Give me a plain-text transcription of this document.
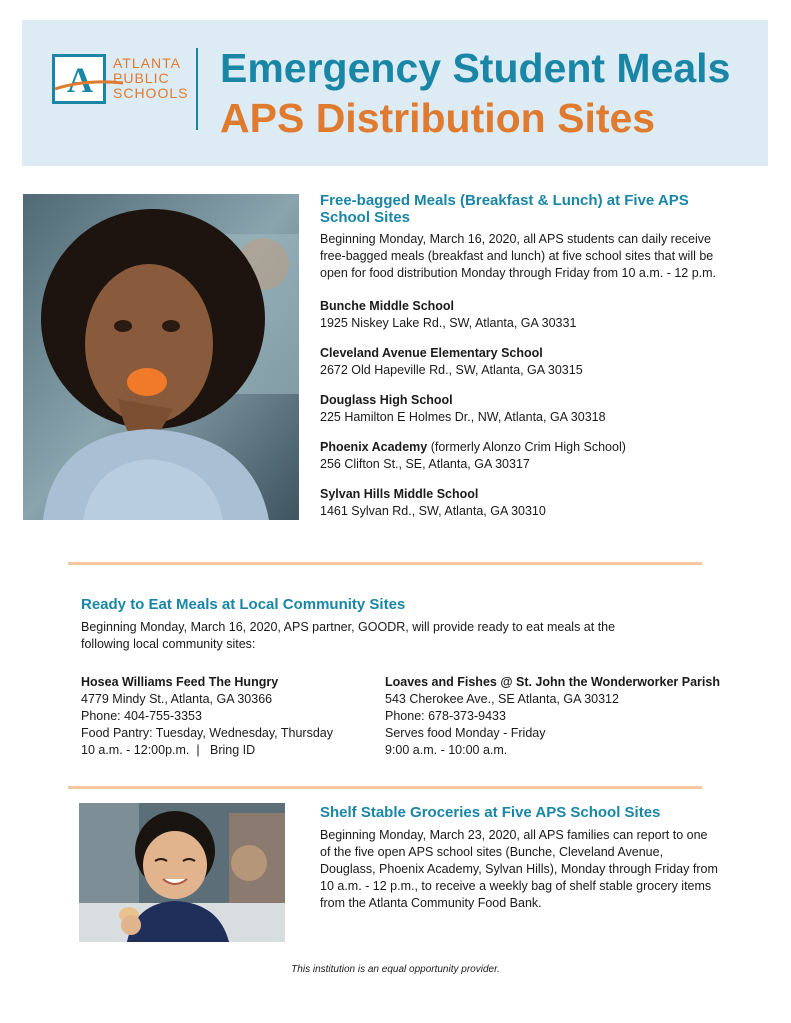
A ATLANTA
PUBLIC
SCHOOLS
Emergency Student Meals
APS Distribution Sites
Free-bagged Meals (Breakfast & Lunch) at Five APS School Sites
Beginning Monday, March 16, 2020, all APS students can daily receive free-bagged meals (breakfast and lunch) at five school sites that will be open for food distribution Monday through Friday from 10 a.m. - 12 p.m.
Bunche Middle School
1925 Niskey Lake Rd., SW, Atlanta, GA 30331
Cleveland Avenue Elementary School
2672 Old Hapeville Rd., SW, Atlanta, GA 30315
Douglass High School
225 Hamilton E Holmes Dr., NW, Atlanta, GA 30318
Phoenix Academy (formerly Alonzo Crim High School)
256 Clifton St., SE, Atlanta, GA 30317
Sylvan Hills Middle School
1461 Sylvan Rd., SW, Atlanta, GA 30310
Ready to Eat Meals at Local Community Sites
Beginning Monday, March 16, 2020, APS partner, GOODR, will provide ready to eat meals at the following local community sites:
Hosea Williams Feed The Hungry
4779 Mindy St., Atlanta, GA 30366
Phone: 404-755-3353
Food Pantry: Tuesday, Wednesday, Thursday
10 a.m. - 12:00p.m.  |   Bring ID
Loaves and Fishes @ St. John the Wonderworker Parish
543 Cherokee Ave., SE Atlanta, GA 30312
Phone: 678-373-9433
Serves food Monday - Friday
9:00 a.m. - 10:00 a.m.
Shelf Stable Groceries at Five APS School Sites
Beginning Monday, March 23, 2020, all APS families can report to one of the five open APS school sites (Bunche, Cleveland Avenue, Douglass, Phoenix Academy, Sylvan Hills), Monday through Friday from 10 a.m. - 12 p.m., to receive a weekly bag of shelf stable grocery items from the Atlanta Community Food Bank.
This institution is an equal opportunity provider.
